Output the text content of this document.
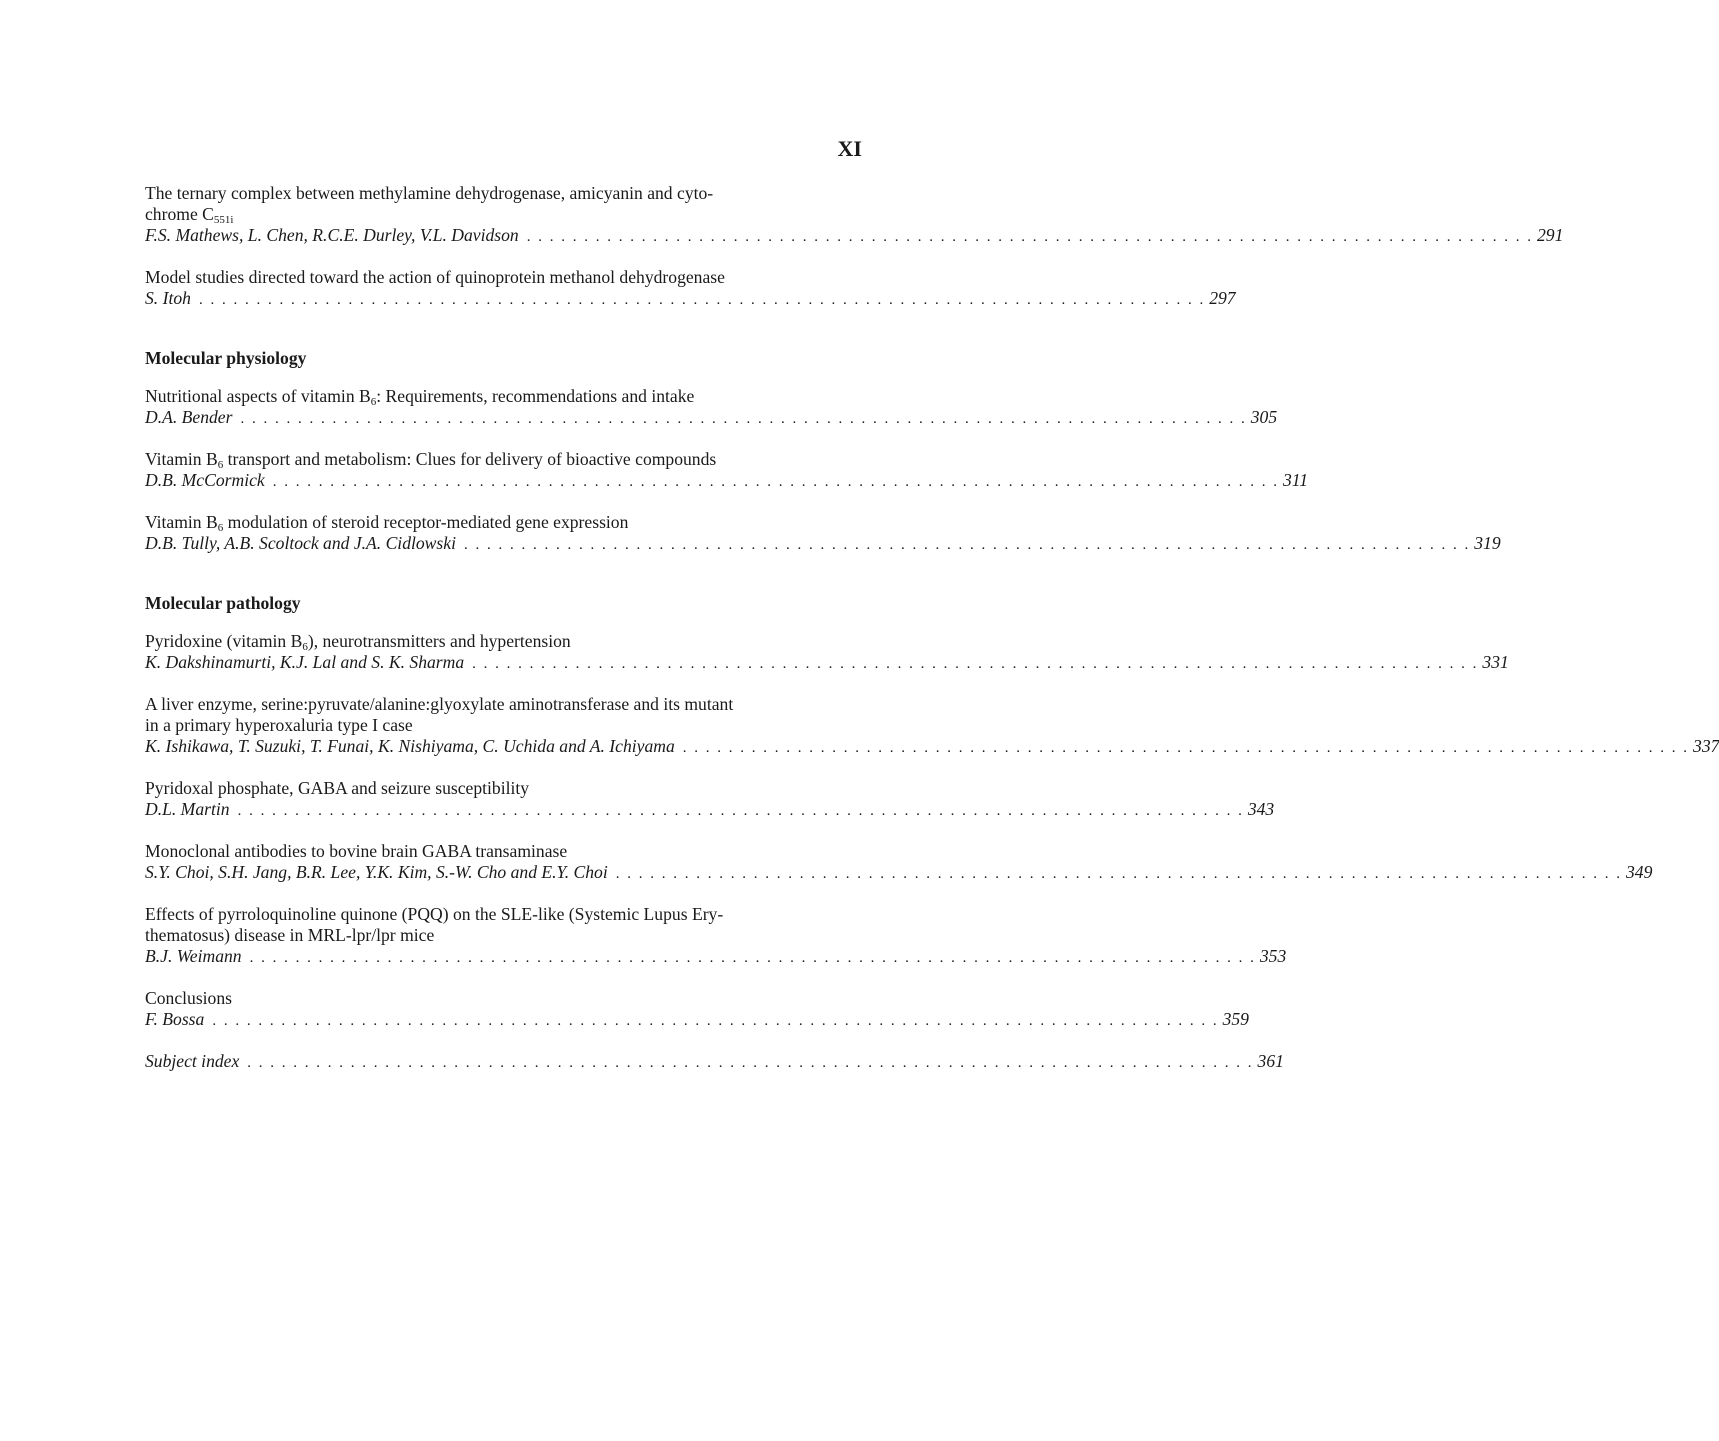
XI
The ternary complex between methylamine dehydrogenase, amicyanin and cyto-
chrome $C_{551i}$
F.S. Mathews, L. Chen, R.C.E. Durley, V.L. Davidson . . . . . . . . . . . . . . . . . . . . . . . . . . . . . . . . . . . . . . . . . . . . . . . . . . . . . . . . . . . . . . . . . . . . . . . . . . . . . . . . . . . . . . . . 291
Model studies directed toward the action of quinoprotein methanol dehydrogenase
S. Itoh . . . . . . . . . . . . . . . . . . . . . . . . . . . . . . . . . . . . . . . . . . . . . . . . . . . . . . . . . . . . . . . . . . . . . . . . . . . . . . . . . . . . . . . . 297
Molecular physiology
Nutritional aspects of vitamin $B_6$: Requirements, recommendations and intake
D.A. Bender . . . . . . . . . . . . . . . . . . . . . . . . . . . . . . . . . . . . . . . . . . . . . . . . . . . . . . . . . . . . . . . . . . . . . . . . . . . . . . . . . . . . . . . . 305
Vitamin $B_6$ transport and metabolism: Clues for delivery of bioactive compounds
D.B. McCormick . . . . . . . . . . . . . . . . . . . . . . . . . . . . . . . . . . . . . . . . . . . . . . . . . . . . . . . . . . . . . . . . . . . . . . . . . . . . . . . . . . . . . . . . 311
Vitamin $B_6$ modulation of steroid receptor-mediated gene expression
D.B. Tully, A.B. Scoltock and J.A. Cidlowski . . . . . . . . . . . . . . . . . . . . . . . . . . . . . . . . . . . . . . . . . . . . . . . . . . . . . . . . . . . . . . . . . . . . . . . . . . . . . . . . . . . . . . . . 319
Molecular pathology
Pyridoxine (vitamin $B_6$), neurotransmitters and hypertension
K. Dakshinamurti, K.J. Lal and S. K. Sharma . . . . . . . . . . . . . . . . . . . . . . . . . . . . . . . . . . . . . . . . . . . . . . . . . . . . . . . . . . . . . . . . . . . . . . . . . . . . . . . . . . . . . . . . 331
A liver enzyme, serine:pyruvate/alanine:glyoxylate aminotransferase and its mutant
in a primary hyperoxaluria type I case
K. Ishikawa, T. Suzuki, T. Funai, K. Nishiyama, C. Uchida and A. Ichiyama . . . . . . . . . . . . . . . . . . . . . . . . . . . . . . . . . . . . . . . . . . . . . . . . . . . . . . . . . . . . . . . . . . . . . . . . . . . . . . . . . . . . . . . . 337
Pyridoxal phosphate, GABA and seizure susceptibility
D.L. Martin . . . . . . . . . . . . . . . . . . . . . . . . . . . . . . . . . . . . . . . . . . . . . . . . . . . . . . . . . . . . . . . . . . . . . . . . . . . . . . . . . . . . . . . . 343
Monoclonal antibodies to bovine brain GABA transaminase
S.Y. Choi, S.H. Jang, B.R. Lee, Y.K. Kim, S.-W. Cho and E.Y. Choi . . . . . . . . . . . . . . . . . . . . . . . . . . . . . . . . . . . . . . . . . . . . . . . . . . . . . . . . . . . . . . . . . . . . . . . . . . . . . . . . . . . . . . . . 349
Effects of pyrroloquinoline quinone (PQQ) on the SLE-like (Systemic Lupus Ery-
thematosus) disease in MRL-lpr/lpr mice
B.J. Weimann . . . . . . . . . . . . . . . . . . . . . . . . . . . . . . . . . . . . . . . . . . . . . . . . . . . . . . . . . . . . . . . . . . . . . . . . . . . . . . . . . . . . . . . . 353
Conclusions
F. Bossa . . . . . . . . . . . . . . . . . . . . . . . . . . . . . . . . . . . . . . . . . . . . . . . . . . . . . . . . . . . . . . . . . . . . . . . . . . . . . . . . . . . . . . . . 359
Subject index . . . . . . . . . . . . . . . . . . . . . . . . . . . . . . . . . . . . . . . . . . . . . . . . . . . . . . . . . . . . . . . . . . . . . . . . . . . . . . . . . . . . . . . . 361
